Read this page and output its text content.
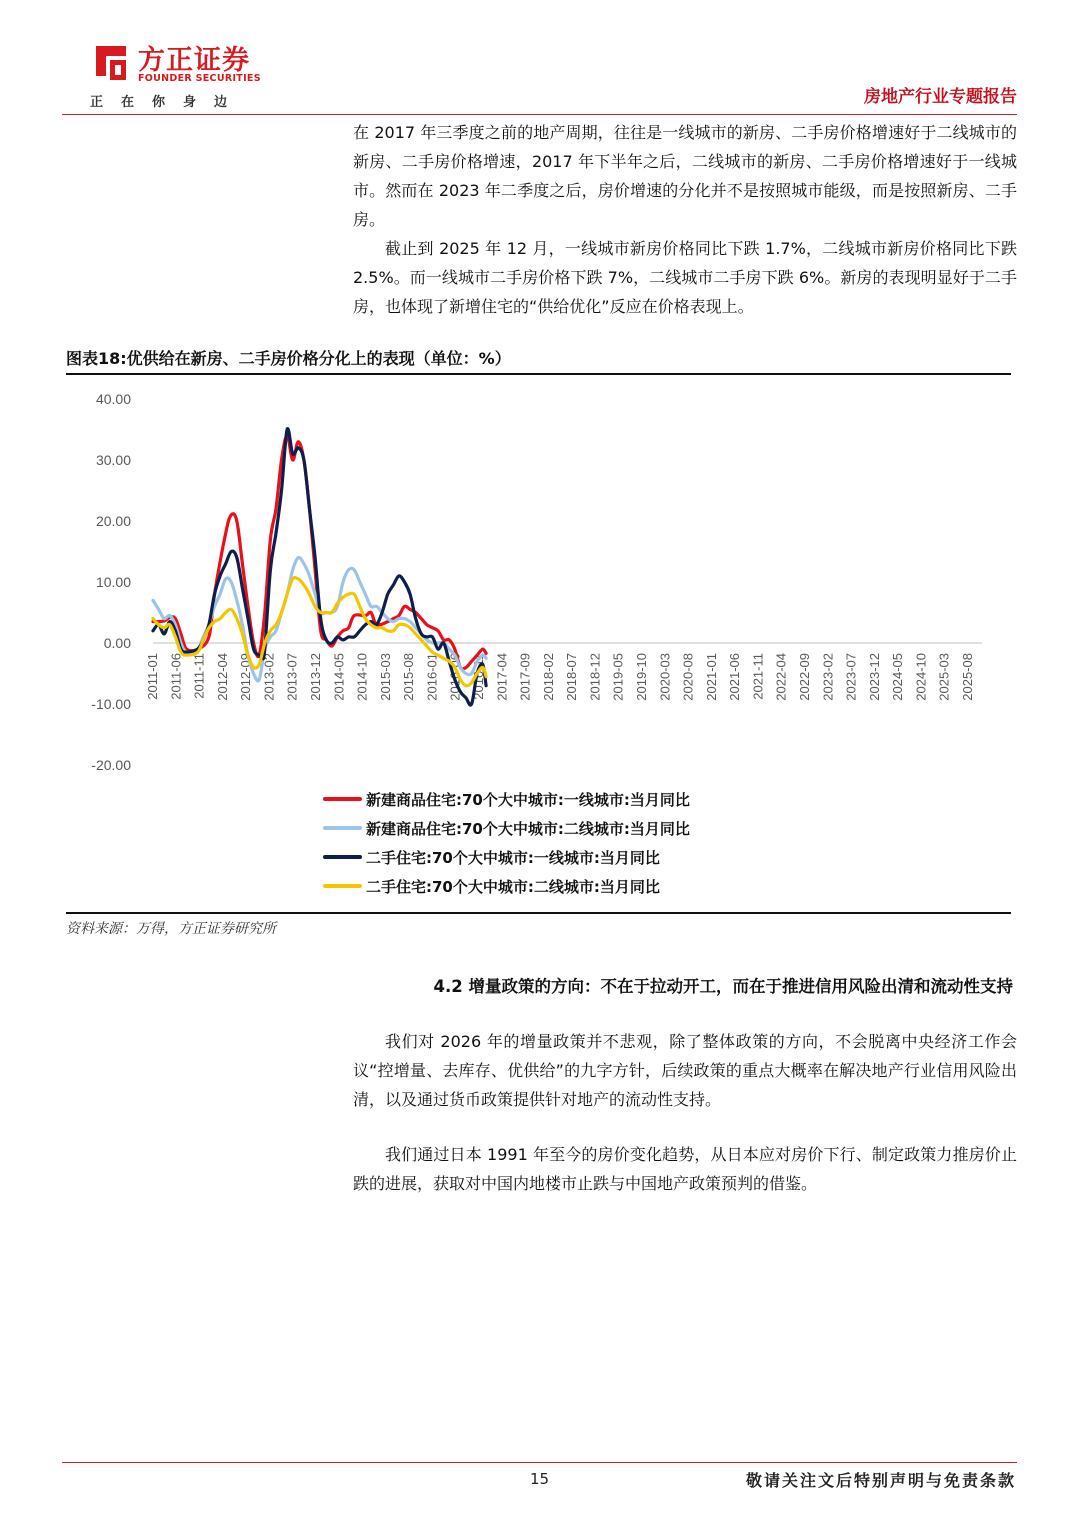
方正证券
FOUNDER SECURITIES
正在你身边	房地产行业专题报告

在 2017 年三季度之前的地产周期，往往是一线城市的新房、二手房价格增速好于二线城市的新房、二手房价格增速，2017 年下半年之后，二线城市的新房、二手房价格增速好于一线城市。然而在 2023 年二季度之后，房价增速的分化并不是按照城市能级，而是按照新房、二手房。

截止到 2025 年 12 月，一线城市新房价格同比下跌 1.7%，二线城市新房价格同比下跌 2.5%。而一线城市二手房价格下跌 7%，二线城市二手房下跌 6%。新房的表现明显好于二手房，也体现了新增住宅的“供给优化”反应在价格表现上。

图表18:优供给在新房、二手房价格分化上的表现（单位：%）
40.00
30.00
20.00
10.00
0.00
-10.00
-20.00
2011-01 2011-06 2011-11 2012-04 2012-09 2013-02 2013-07 2013-12 2014-05 2014-10 2015-03 2015-08 2016-01 2016-06 2016-11 2017-04 2017-09 2018-02 2018-07 2018-12 2019-05 2019-10 2020-03 2020-08 2021-01 2021-06 2021-11 2022-04 2022-09 2023-02 2023-07 2023-12 2024-05 2024-10 2025-03 2025-08
新建商品住宅:70个大中城市:一线城市:当月同比
新建商品住宅:70个大中城市:二线城市:当月同比
二手住宅:70个大中城市:一线城市:当月同比
二手住宅:70个大中城市:二线城市:当月同比
资料来源：万得，方正证券研究所
4.2 增量政策的方向：不在于拉动开工，而在于推进信用风险出清和流动性支持

我们对 2026 年的增量政策并不悲观，除了整体政策的方向，不会脱离中央经济工作会议“控增量、去库存、优供给”的九字方针，后续政策的重点大概率在解决地产行业信用风险出清，以及通过货币政策提供针对地产的流动性支持。

我们通过日本 1991 年至今的房价变化趋势，从日本应对房价下行、制定政策力推房价止跌的进展，获取对中国内地楼市止跌与中国地产政策预判的借鉴。

15	敬请关注文后特别声明与免责条款
